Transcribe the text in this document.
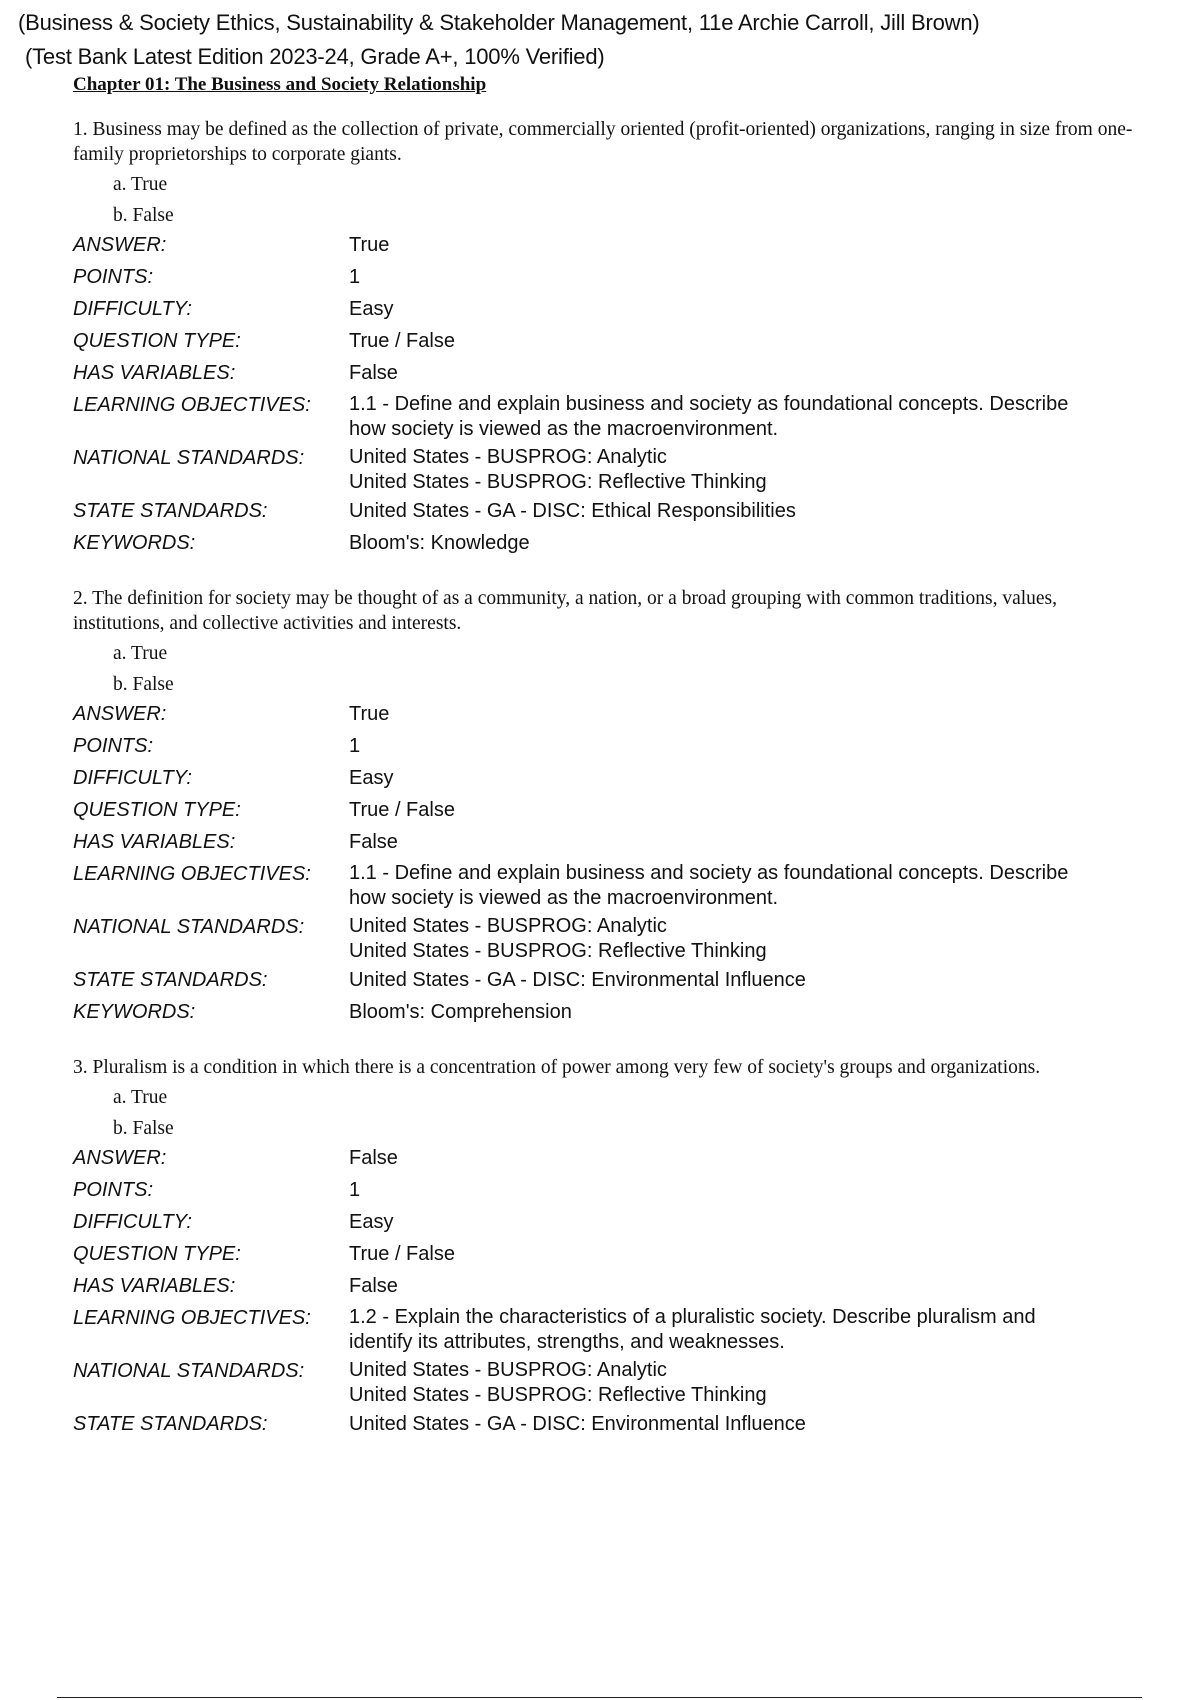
(Business & Society Ethics, Sustainability & Stakeholder Management, 11e Archie Carroll, Jill Brown)
(Test Bank Latest Edition 2023-24, Grade A+, 100% Verified)
Chapter 01: The Business and Society Relationship
1. Business may be defined as the collection of private, commercially oriented (profit-oriented) organizations, ranging in size from one-family proprietorships to corporate giants.
a. True
b. False
ANSWER:	True
POINTS:	1
DIFFICULTY:	Easy
QUESTION TYPE:	True / False
HAS VARIABLES:	False
LEARNING OBJECTIVES:	1.1 - Define and explain business and society as foundational concepts. Describe
how society is viewed as the macroenvironment.

NATIONAL STANDARDS:	United States - BUSPROG: Analytic
United States - BUSPROG: Reflective Thinking

STATE STANDARDS:	United States - GA - DISC: Ethical Responsibilities
KEYWORDS:	Bloom's: Knowledge
2. The definition for society may be thought of as a community, a nation, or a broad grouping with common traditions, values, institutions, and collective activities and interests.
a. True
b. False
ANSWER:	True
POINTS:	1
DIFFICULTY:	Easy
QUESTION TYPE:	True / False
HAS VARIABLES:	False
LEARNING OBJECTIVES:	1.1 - Define and explain business and society as foundational concepts. Describe
how society is viewed as the macroenvironment.

NATIONAL STANDARDS:	United States - BUSPROG: Analytic
United States - BUSPROG: Reflective Thinking

STATE STANDARDS:	United States - GA - DISC: Environmental Influence
KEYWORDS:	Bloom's: Comprehension
3. Pluralism is a condition in which there is a concentration of power among very few of society's groups and organizations.
a. True
b. False
ANSWER:	False
POINTS:	1
DIFFICULTY:	Easy
QUESTION TYPE:	True / False
HAS VARIABLES:	False
LEARNING OBJECTIVES:	1.2 - Explain the characteristics of a pluralistic society. Describe pluralism and
identify its attributes, strengths, and weaknesses.

NATIONAL STANDARDS:	United States - BUSPROG: Analytic
United States - BUSPROG: Reflective Thinking

STATE STANDARDS:	United States - GA - DISC: Environmental Influence
